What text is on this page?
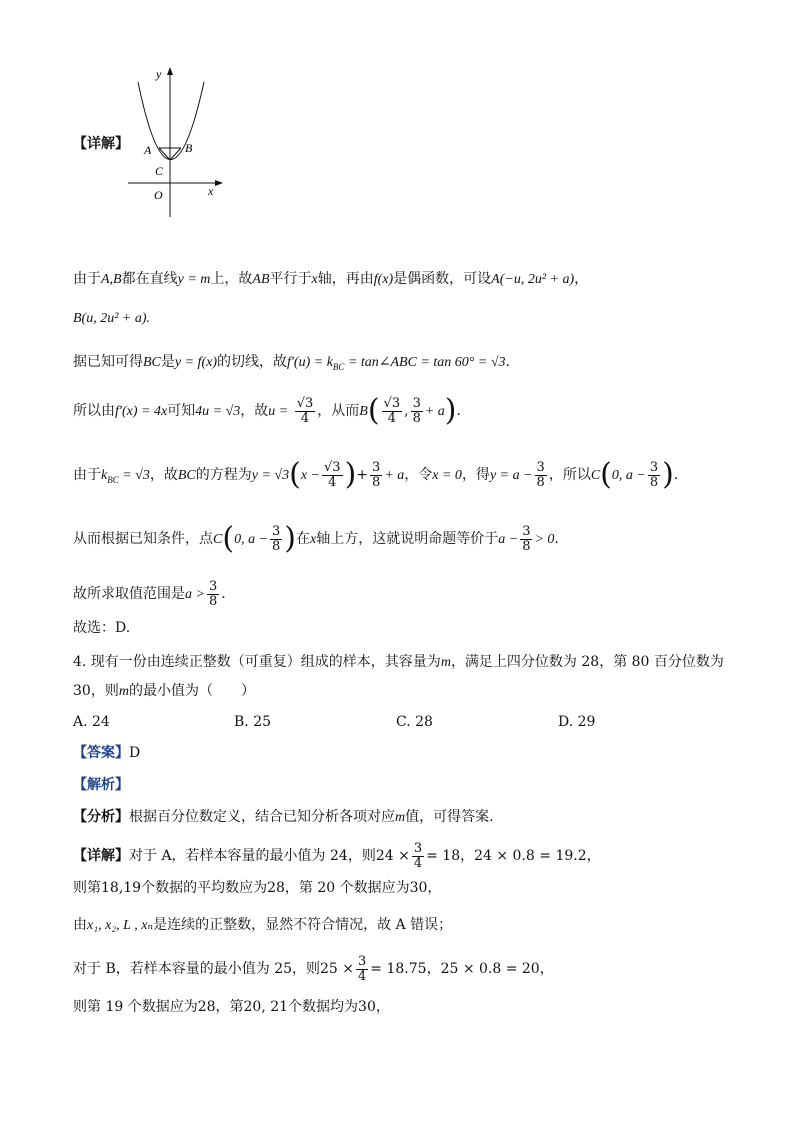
y
x
O
A	B
C
【详解】
由于A,B都在直线y = m上，故AB平行于x轴，再由f(x)是偶函数，可设A(−u, 2u² + a)，
B(u, 2u² + a).
据已知可得BC是y = f(x)的切线，故$f'(u) = k_{BC}$ = tan∠ABC = tan 60° = √3.
所以由f′(x) = 4x可知4u = √3，故$u = \frac{√3}{4}$ ，从而$B( \frac{√3}{4}$ , $\frac{3}{8} + a$).
由于$k_{BC} = √3$，故BC的方程为$y = √3(x - \frac{√3}{4}$ )+ $\frac{3}{8} + a$，令x = 0，得$y = a - \frac{3}{8}$ ，所以C(0, $a - \frac{3}{8}$ ).
从而根据已知条件，点C(0, $a - \frac{3}{8}$ )在x轴上方，这就说明命题等价于$a - \frac{3}{8} > 0$.
故所求取值范围是$a > \frac{3}{8}$ .
故选：D.
4. 现有一份由连续正整数（可重复）组成的样本，其容量为m，满足上四分位数为 28，第 80 百分位数为
30，则m的最小值为（　　）
A. 24	B. 25	C. 28	D. 29
【答案】D
【解析】
【分析】根据百分位数定义，结合已知分析各项对应m值，可得答案.
【详解】对于 A，若样本容量的最小值为 24，则$24 \times \frac{3}{4} = 18$，24 × 0.8 = 19.2，
则第18,19个数据的平均数应为28，第 20 个数据应为30，
由x₁, x₂, L , xₙ是连续的正整数，显然不符合情况，故 A 错误；
对于 B，若样本容量的最小值为 25，则$25 \times \frac{3}{4} = 18.75$，25 × 0.8 = 20，
则第 19 个数据应为28，第20, 21个数据均为30，
